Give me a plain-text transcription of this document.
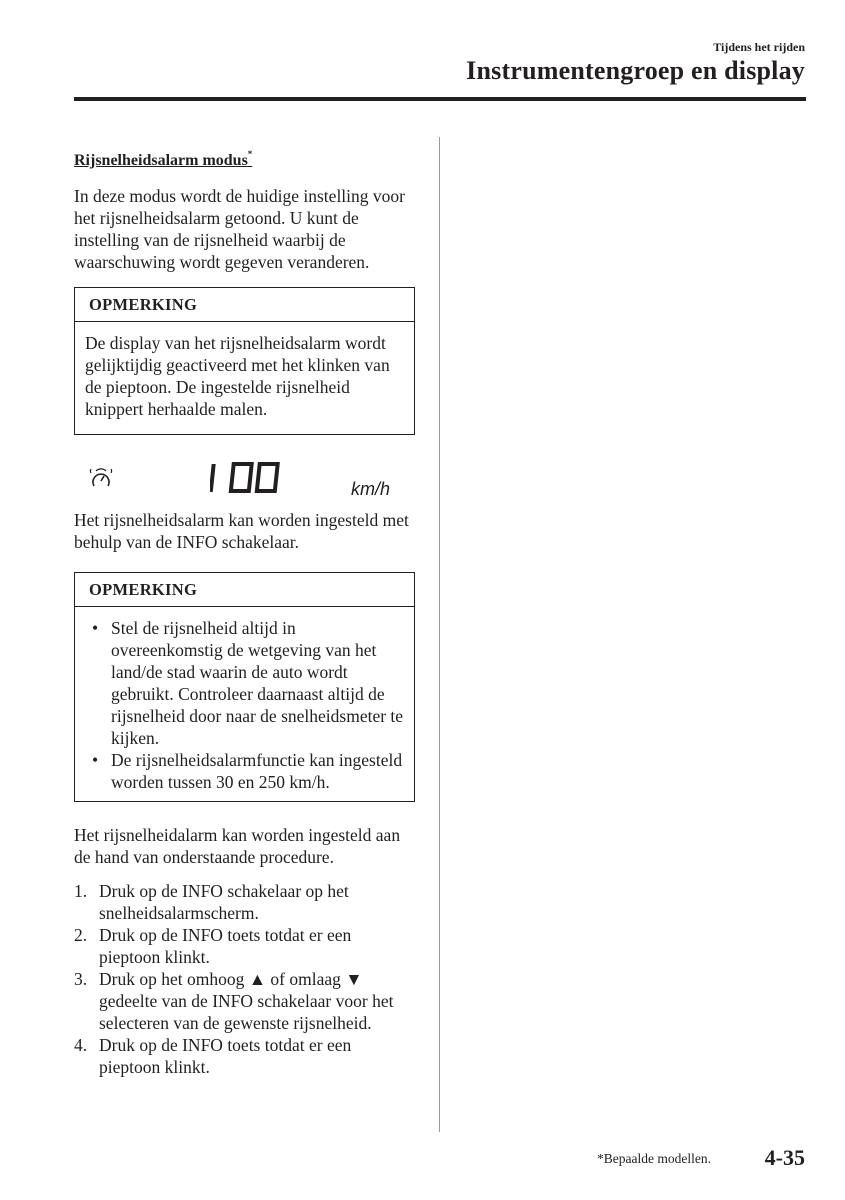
Tijdens het rijden
Instrumentengroep en display
Rijsnelheidsalarm modus*

In deze modus wordt de huidige instelling voor het rijsnelheidsalarm getoond. U kunt de instelling van de rijsnelheid waarbij de waarschuwing wordt gegeven veranderen.

OPMERKING

De display van het rijsnelheidsalarm wordt gelijktijdig geactiveerd met het klinken van de pieptoon. De ingestelde rijsnelheid knippert herhaalde malen.

100
km/h

Het rijsnelheidsalarm kan worden ingesteld met behulp van de INFO schakelaar.

OPMERKING
• Stel de rijsnelheid altijd in overeenkomstig de wetgeving van het land/de stad waarin de auto wordt gebruikt. Controleer daarnaast altijd de rijsnelheid door naar de snelheidsmeter te kijken.
• De rijsnelheidsalarmfunctie kan ingesteld worden tussen 30 en 250 km/h.

Het rijsnelheidalarm kan worden ingesteld aan de hand van onderstaande procedure.

1. Druk op de INFO schakelaar op het snelheidsalarmscherm.
2. Druk op de INFO toets totdat er een pieptoon klinkt.
3. Druk op het omhoog ▲ of omlaag ▼ gedeelte van de INFO schakelaar voor het selecteren van de gewenste rijsnelheid.
4. Druk op de INFO toets totdat er een pieptoon klinkt.
*Bepaalde modellen. 4-35
